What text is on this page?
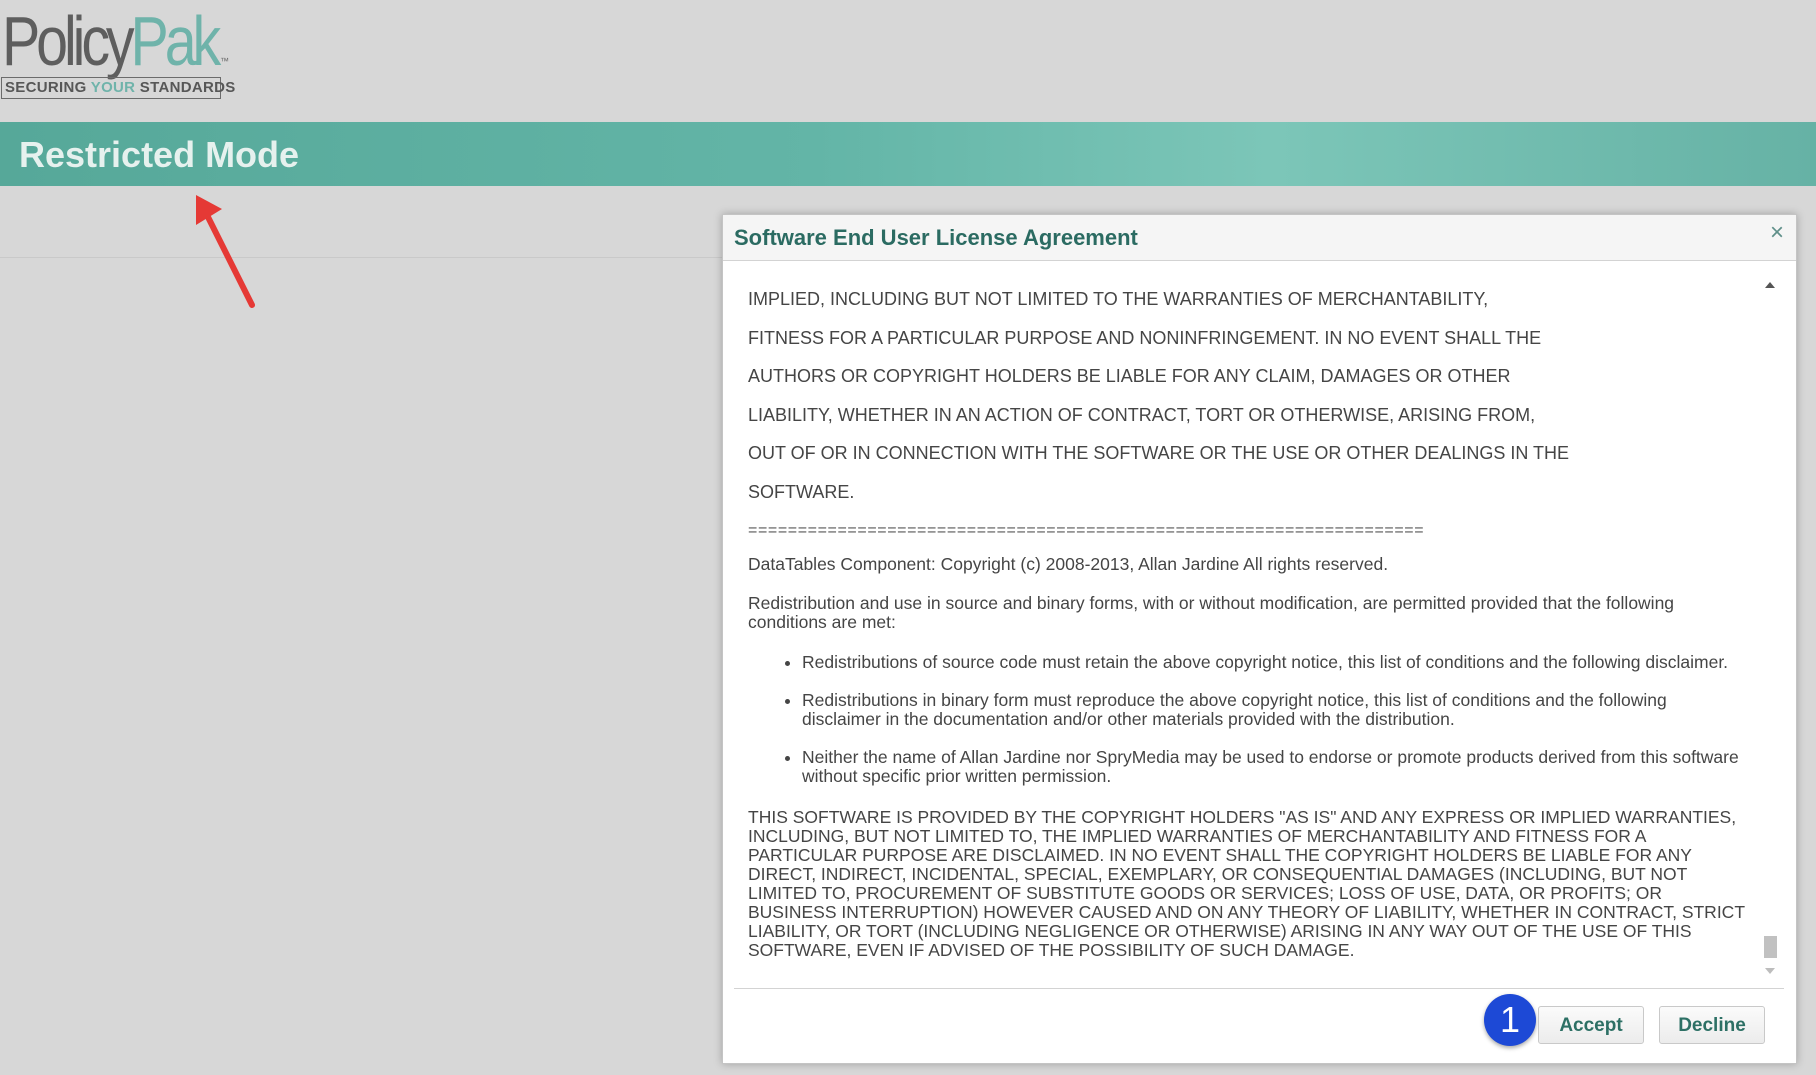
PolicyPak ™
SECURING YOUR STANDARDS
Restricted Mode
Software End User License Agreement	×

IMPLIED, INCLUDING BUT NOT LIMITED TO THE WARRANTIES OF MERCHANTABILITY,

FITNESS FOR A PARTICULAR PURPOSE AND NONINFRINGEMENT. IN NO EVENT SHALL THE

AUTHORS OR COPYRIGHT HOLDERS BE LIABLE FOR ANY CLAIM, DAMAGES OR OTHER

LIABILITY, WHETHER IN AN ACTION OF CONTRACT, TORT OR OTHERWISE, ARISING FROM,

OUT OF OR IN CONNECTION WITH THE SOFTWARE OR THE USE OR OTHER DEALINGS IN THE

SOFTWARE.

====================================================================

DataTables Component: Copyright (c) 2008-2013, Allan Jardine All rights reserved.

Redistribution and use in source and binary forms, with or without modification, are permitted provided that the following conditions are met:

• Redistributions of source code must retain the above copyright notice, this list of conditions and the following disclaimer.
• Redistributions in binary form must reproduce the above copyright notice, this list of conditions and the following disclaimer in the documentation and/or other materials provided with the distribution.
• Neither the name of Allan Jardine nor SpryMedia may be used to endorse or promote products derived from this software without specific prior written permission.

THIS SOFTWARE IS PROVIDED BY THE COPYRIGHT HOLDERS "AS IS" AND ANY EXPRESS OR IMPLIED WARRANTIES, INCLUDING, BUT NOT LIMITED TO, THE IMPLIED WARRANTIES OF MERCHANTABILITY AND FITNESS FOR A PARTICULAR PURPOSE ARE DISCLAIMED. IN NO EVENT SHALL THE COPYRIGHT HOLDERS BE LIABLE FOR ANY DIRECT, INDIRECT, INCIDENTAL, SPECIAL, EXEMPLARY, OR CONSEQUENTIAL DAMAGES (INCLUDING, BUT NOT LIMITED TO, PROCUREMENT OF SUBSTITUTE GOODS OR SERVICES; LOSS OF USE, DATA, OR PROFITS; OR BUSINESS INTERRUPTION) HOWEVER CAUSED AND ON ANY THEORY OF LIABILITY, WHETHER IN CONTRACT, STRICT LIABILITY, OR TORT (INCLUDING NEGLIGENCE OR OTHERWISE) ARISING IN ANY WAY OUT OF THE USE OF THIS SOFTWARE, EVEN IF ADVISED OF THE POSSIBILITY OF SUCH DAMAGE.

1	Accept	Decline
